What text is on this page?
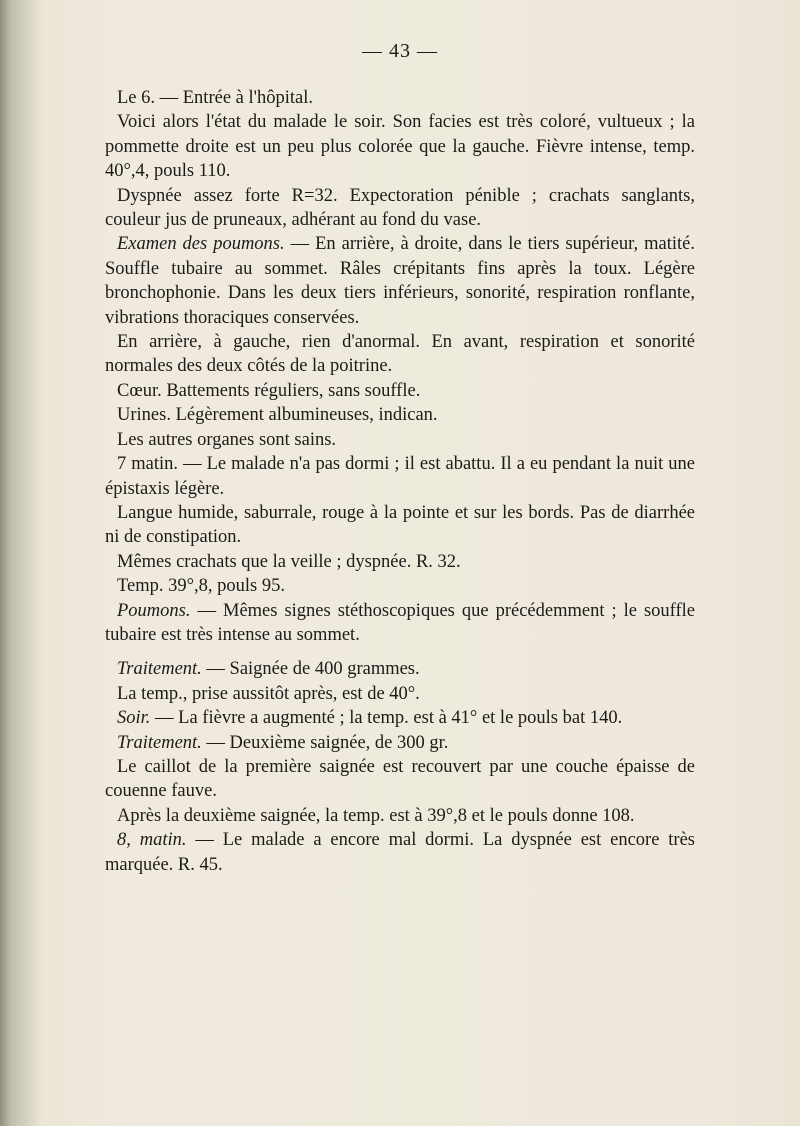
— 43 —

Le 6. — Entrée à l'hôpital.

Voici alors l'état du malade le soir. Son facies est très coloré, vultueux ; la pommette droite est un peu plus colorée que la gauche. Fièvre intense, temp. 40°,4, pouls 110.

Dyspnée assez forte R=32. Expectoration pénible ; crachats sanglants, couleur jus de pruneaux, adhérant au fond du vase.

Examen des poumons. — En arrière, à droite, dans le tiers supérieur, matité. Souffle tubaire au sommet. Râles crépitants fins après la toux. Légère bronchophonie. Dans les deux tiers inférieurs, sonorité, respiration ronflante, vibrations thoraciques conservées.

En arrière, à gauche, rien d'anormal. En avant, respiration et sonorité normales des deux côtés de la poitrine.

Cœur. Battements réguliers, sans souffle.

Urines. Légèrement albumineuses, indican.

Les autres organes sont sains.

7 matin. — Le malade n'a pas dormi ; il est abattu. Il a eu pendant la nuit une épistaxis légère.

Langue humide, saburrale, rouge à la pointe et sur les bords. Pas de diarrhée ni de constipation.

Mêmes crachats que la veille ; dyspnée. R. 32.

Temp. 39°,8, pouls 95.

Poumons. — Mêmes signes stéthoscopiques que précédemment ; le souffle tubaire est très intense au sommet.

Traitement. — Saignée de 400 grammes.

La temp., prise aussitôt après, est de 40°.

Soir. — La fièvre a augmenté ; la temp. est à 41° et le pouls bat 140.

Traitement. — Deuxième saignée, de 300 gr.

Le caillot de la première saignée est recouvert par une couche épaisse de couenne fauve.

Après la deuxième saignée, la temp. est à 39°,8 et le pouls donne 108.

8, matin. — Le malade a encore mal dormi. La dyspnée est encore très marquée. R. 45.
